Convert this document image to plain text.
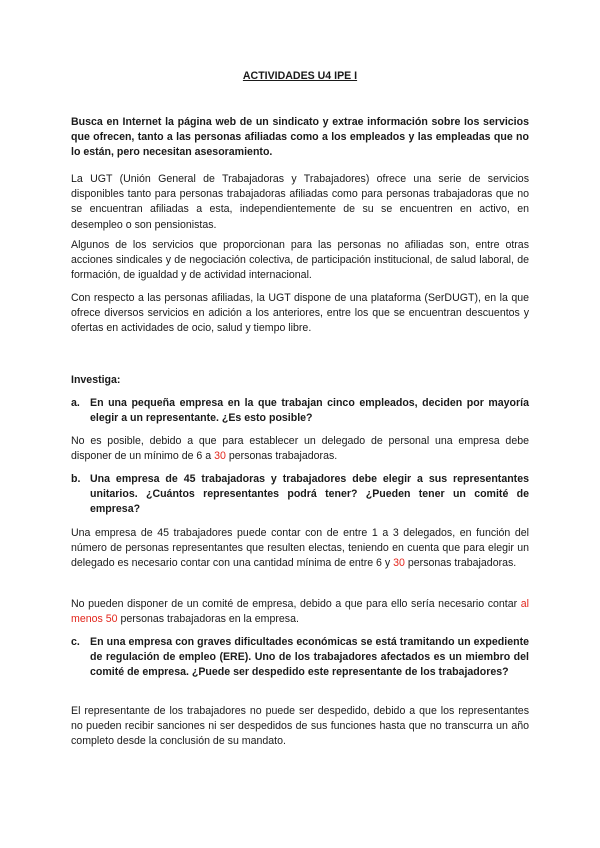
ACTIVIDADES U4 IPE I
Busca en Internet la página web de un sindicato y extrae información sobre los servicios que ofrecen, tanto a las personas afiliadas como a los empleados y las empleadas que no lo están, pero necesitan asesoramiento.
La UGT (Unión General de Trabajadoras y Trabajadores) ofrece una serie de servicios disponibles tanto para personas trabajadoras afiliadas como para personas trabajadoras que no se encuentran afiliadas a esta, independientemente de su se encuentren en activo, en desempleo o son pensionistas.
Algunos de los servicios que proporcionan para las personas no afiliadas son, entre otras acciones sindicales y de negociación colectiva, de participación institucional, de salud laboral, de formación, de igualdad y de actividad internacional.
Con respecto a las personas afiliadas, la UGT dispone de una plataforma (SerDUGT), en la que ofrece diversos servicios en adición a los anteriores, entre los que se encuentran descuentos y ofertas en actividades de ocio, salud y tiempo libre.
Investiga:
a. En una pequeña empresa en la que trabajan cinco empleados, deciden por mayoría elegir a un representante. ¿Es esto posible?
No es posible, debido a que para establecer un delegado de personal una empresa debe disponer de un mínimo de 6 a 30 personas trabajadoras.
b. Una empresa de 45 trabajadoras y trabajadores debe elegir a sus representantes unitarios. ¿Cuántos representantes podrá tener? ¿Pueden tener un comité de empresa?
Una empresa de 45 trabajadores puede contar con de entre 1 a 3 delegados, en función del número de personas representantes que resulten electas, teniendo en cuenta que para elegir un delegado es necesario contar con una cantidad mínima de entre 6 y 30 personas trabajadoras.
No pueden disponer de un comité de empresa, debido a que para ello sería necesario contar al menos 50 personas trabajadoras en la empresa.
c. En una empresa con graves dificultades económicas se está tramitando un expediente de regulación de empleo (ERE). Uno de los trabajadores afectados es un miembro del comité de empresa. ¿Puede ser despedido este representante de los trabajadores?
El representante de los trabajadores no puede ser despedido, debido a que los representantes no pueden recibir sanciones ni ser despedidos de sus funciones hasta que no transcurra un año completo desde la conclusión de su mandato.
